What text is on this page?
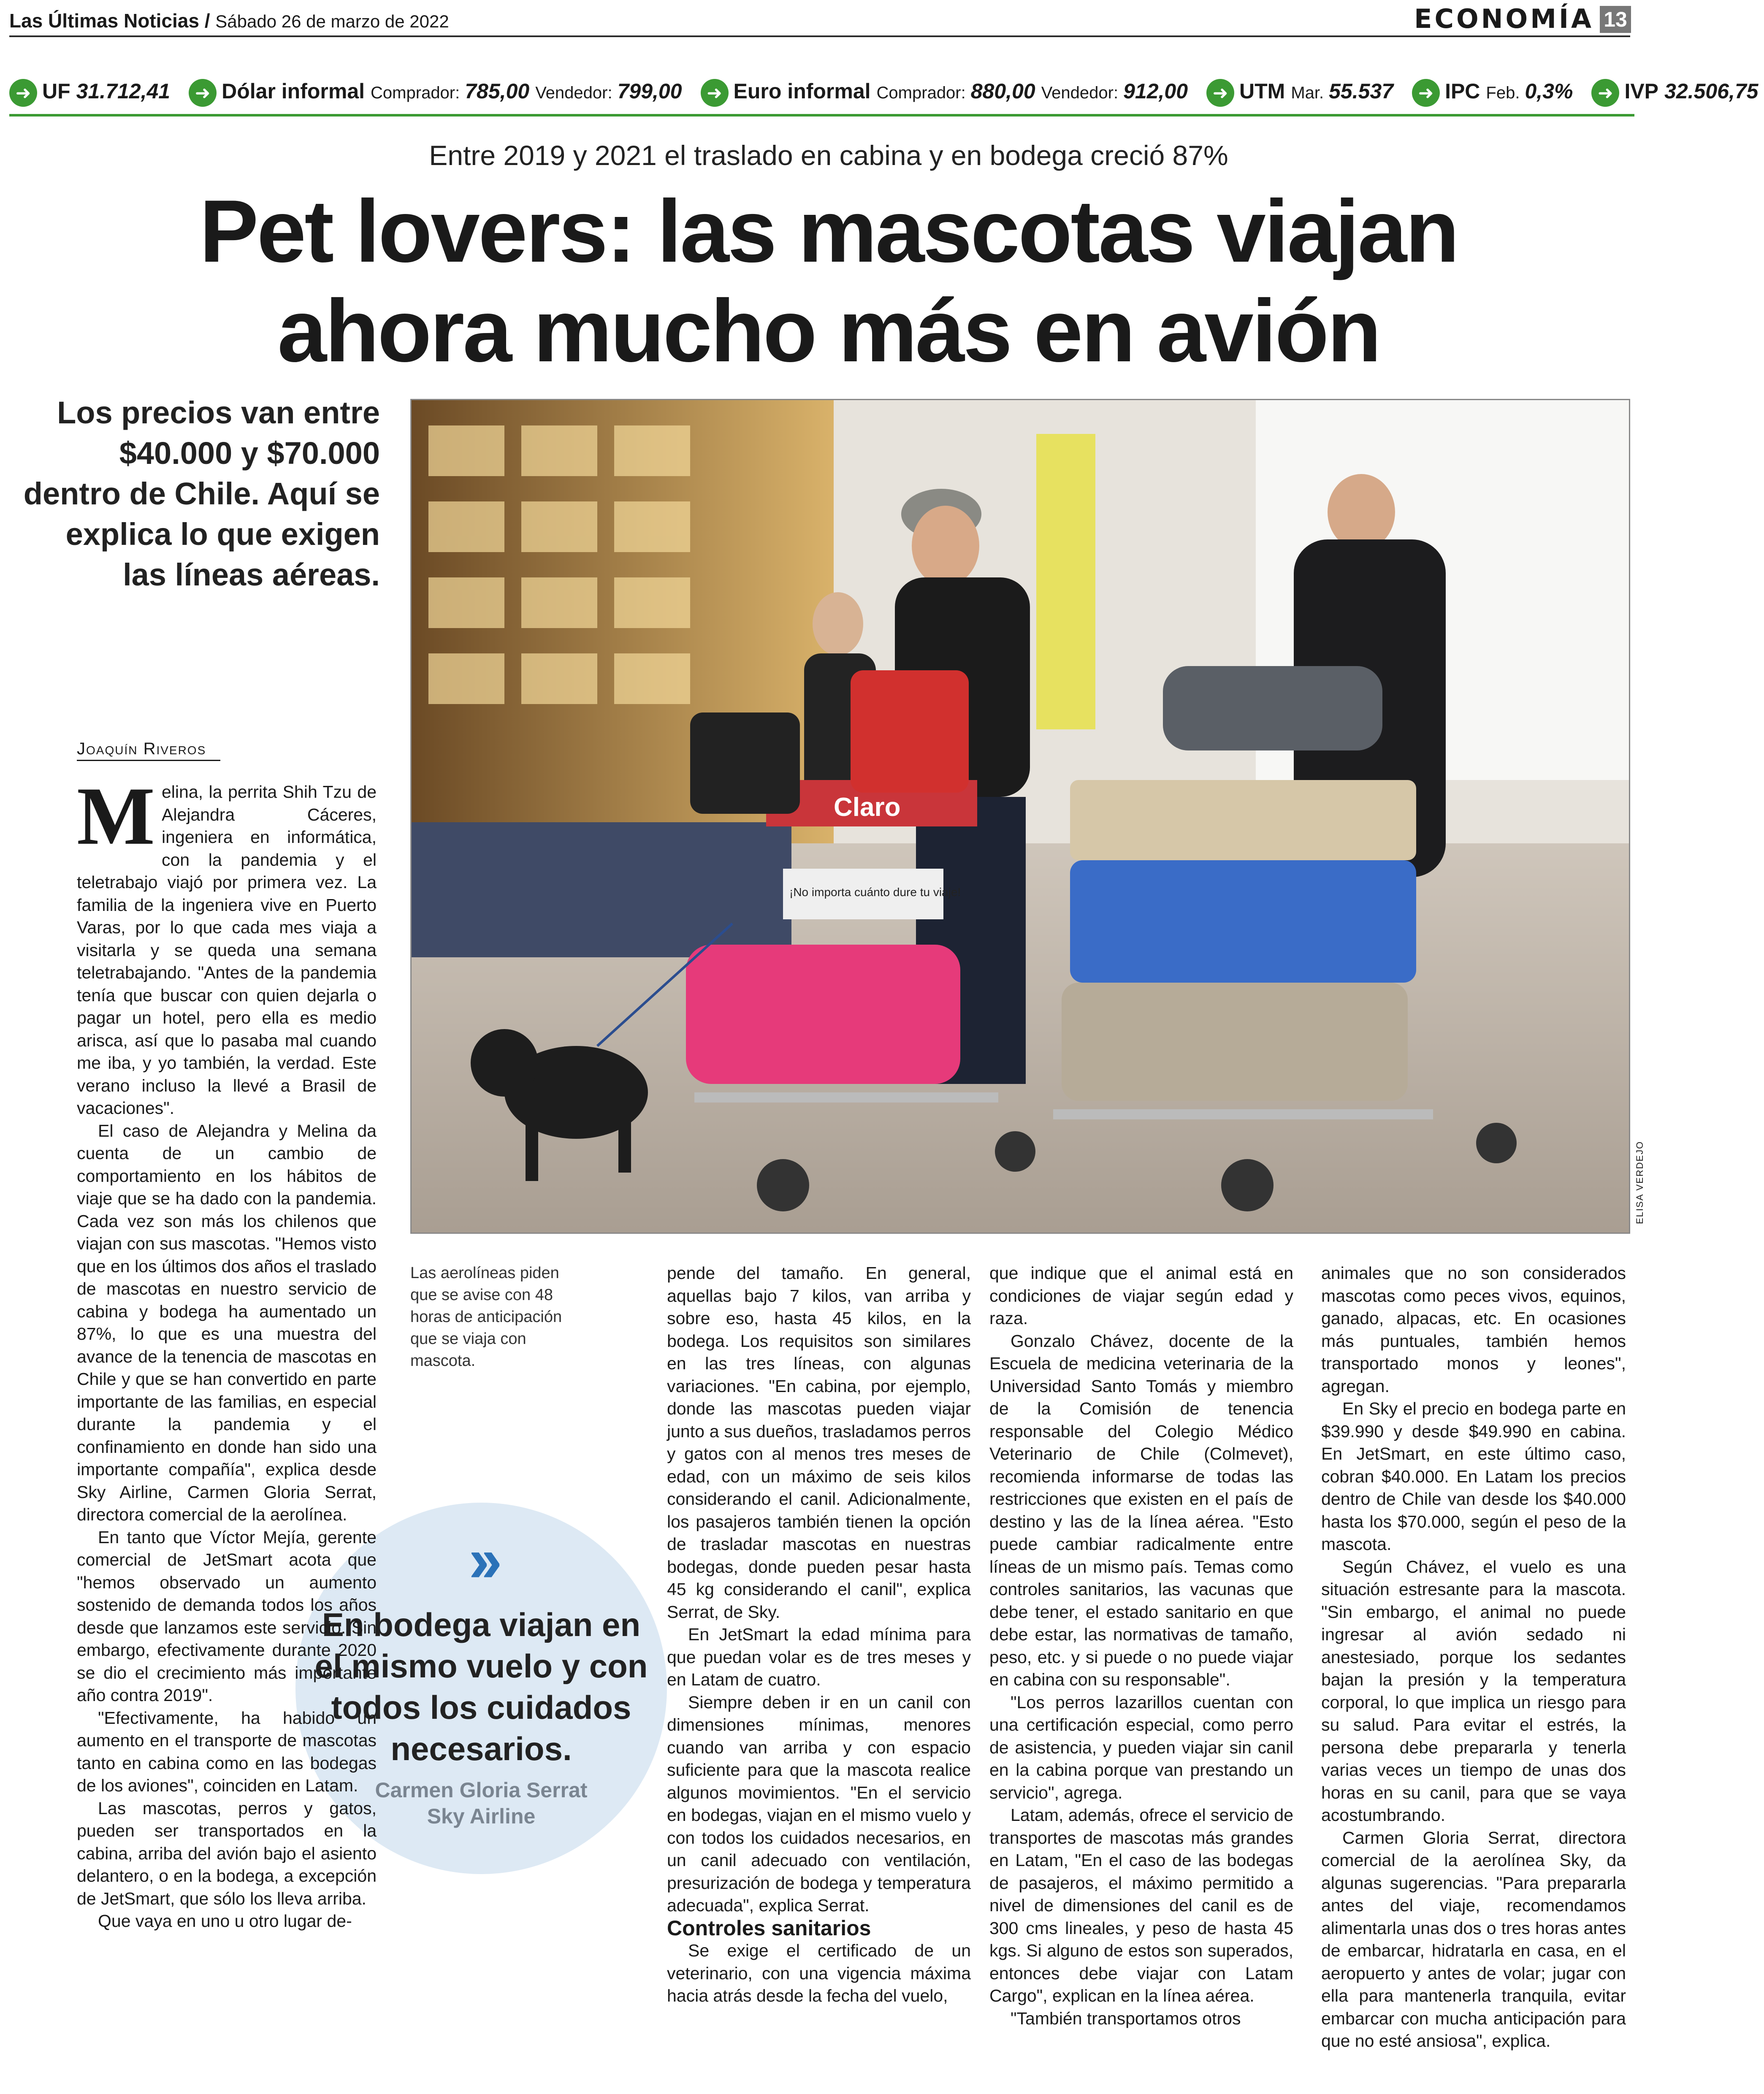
Las Últimas Noticias / Sábado 26 de marzo de 2022	ECONOMÍA 13
➜ UF 31.712,41	➜ Dólar informal Comprador: 785,00 Vendedor: 799,00	➜ Euro informal Comprador: 880,00 Vendedor: 912,00	➜ UTM Mar. 55.537	➜ IPC Feb. 0,3%	➜ IVP 32.506,75
Entre 2019 y 2021 el traslado en cabina y en bodega creció 87%
Pet lovers: las mascotas viajan
ahora mucho más en avión
Los precios van entre $40.000 y $70.000 dentro de Chile. Aquí se explica lo que exigen las líneas aéreas.
Joaquín Riveros
Claro
¡No importa cuánto dure tu viaje!
ELISA VERDEJO
Las aerolíneas piden que se avise con 48 horas de anticipación que se viaja con mascota.
››
En bodega viajan en el mismo vuelo y con todos los cuidados necesarios.
Carmen Gloria Serrat
Sky Airline
M elina, la perrita Shih Tzu de Alejandra Cáceres, ingeniera en informática, con la pandemia y el teletrabajo viajó por primera vez. La familia de la ingeniera vive en Puerto Varas, por lo que cada mes viaja a visitarla y se queda una semana teletrabajando. "Antes de la pandemia tenía que buscar con quien dejarla o pagar un hotel, pero ella es medio arisca, así que lo pasaba mal cuando me iba, y yo también, la verdad. Este verano incluso la llevé a Brasil de vacaciones".

El caso de Alejandra y Melina da cuenta de un cambio de comportamiento en los hábitos de viaje que se ha dado con la pandemia. Cada vez son más los chilenos que viajan con sus mascotas. "Hemos visto que en los últimos dos años el traslado de mascotas en nuestro servicio de cabina y bodega ha aumentado un 87%, lo que es una muestra del avance de la tenencia de mascotas en Chile y que se han convertido en parte importante de las familias, en especial durante la pandemia y el confinamiento en donde han sido una importante compañía", explica desde Sky Airline, Carmen Gloria Serrat, directora comercial de la aerolínea.

En tanto que Víctor Mejía, gerente comercial de JetSmart acota que "hemos observado un aumento sostenido de demanda todos los años desde que lanzamos este servicio. Sin embargo, efectivamente durante 2020 se dio el crecimiento más importante año contra 2019".

"Efectivamente, ha habido un aumento en el transporte de mascotas tanto en cabina como en las bodegas de los aviones", coinciden en Latam.

Las mascotas, perros y gatos, pueden ser transportados en la cabina, arriba del avión bajo el asiento delantero, o en la bodega, a excepción de JetSmart, que sólo los lleva arriba.

Que vaya en uno u otro lugar de-

pende del tamaño. En general, aquellas bajo 7 kilos, van arriba y sobre eso, hasta 45 kilos, en la bodega. Los requisitos son similares en las tres líneas, con algunas variaciones. "En cabina, por ejemplo, donde las mascotas pueden viajar junto a sus dueños, trasladamos perros y gatos con al menos tres meses de edad, con un máximo de seis kilos considerando el canil. Adicionalmente, los pasajeros también tienen la opción de trasladar mascotas en nuestras bodegas, donde pueden pesar hasta 45 kg considerando el canil", explica Serrat, de Sky.

En JetSmart la edad mínima para que puedan volar es de tres meses y en Latam de cuatro.

Siempre deben ir en un canil con dimensiones mínimas, menores cuando van arriba y con espacio suficiente para que la mascota realice algunos movimientos. "En el servicio en bodegas, viajan en el mismo vuelo y con todos los cuidados necesarios, en un canil adecuado con ventilación, presurización de bodega y temperatura adecuada", explica Serrat.

Controles sanitarios

Se exige el certificado de un veterinario, con una vigencia máxima hacia atrás desde la fecha del vuelo,

que indique que el animal está en condiciones de viajar según edad y raza.

Gonzalo Chávez, docente de la Escuela de medicina veterinaria de la Universidad Santo Tomás y miembro de la Comisión de tenencia responsable del Colegio Médico Veterinario de Chile (Colmevet), recomienda informarse de todas las restricciones que existen en el país de destino y las de la línea aérea. "Esto puede cambiar radicalmente entre líneas de un mismo país. Temas como controles sanitarios, las vacunas que debe tener, el estado sanitario en que debe estar, las normativas de tamaño, peso, etc. y si puede o no puede viajar en cabina con su responsable".

"Los perros lazarillos cuentan con una certificación especial, como perro de asistencia, y pueden viajar sin canil en la cabina porque van prestando un servicio", agrega.

Latam, además, ofrece el servicio de transportes de mascotas más grandes en Latam, "En el caso de las bodegas de pasajeros, el máximo permitido a nivel de dimensiones del canil es de 300 cms lineales, y peso de hasta 45 kgs. Si alguno de estos son superados, entonces debe viajar con Latam Cargo", explican en la línea aérea.

"También transportamos otros

animales que no son considerados mascotas como peces vivos, equinos, ganado, alpacas, etc. En ocasiones más puntuales, también hemos transportado monos y leones", agregan.

En Sky el precio en bodega parte en $39.990 y desde $49.990 en cabina. En JetSmart, en este último caso, cobran $40.000. En Latam los precios dentro de Chile van desde los $40.000 hasta los $70.000, según el peso de la mascota.

Según Chávez, el vuelo es una situación estresante para la mascota. "Sin embargo, el animal no puede ingresar al avión sedado ni anestesiado, porque los sedantes bajan la presión y la temperatura corporal, lo que implica un riesgo para su salud. Para evitar el estrés, la persona debe prepararla y tenerla varias veces un tiempo de unas dos horas en su canil, para que se vaya acostumbrando.

Carmen Gloria Serrat, directora comercial de la aerolínea Sky, da algunas sugerencias. "Para prepararla antes del viaje, recomendamos alimentarla unas dos o tres horas antes de embarcar, hidratarla en casa, en el aeropuerto y antes de volar; jugar con ella para mantenerla tranquila, evitar embarcar con mucha anticipación para que no esté ansiosa", explica.
